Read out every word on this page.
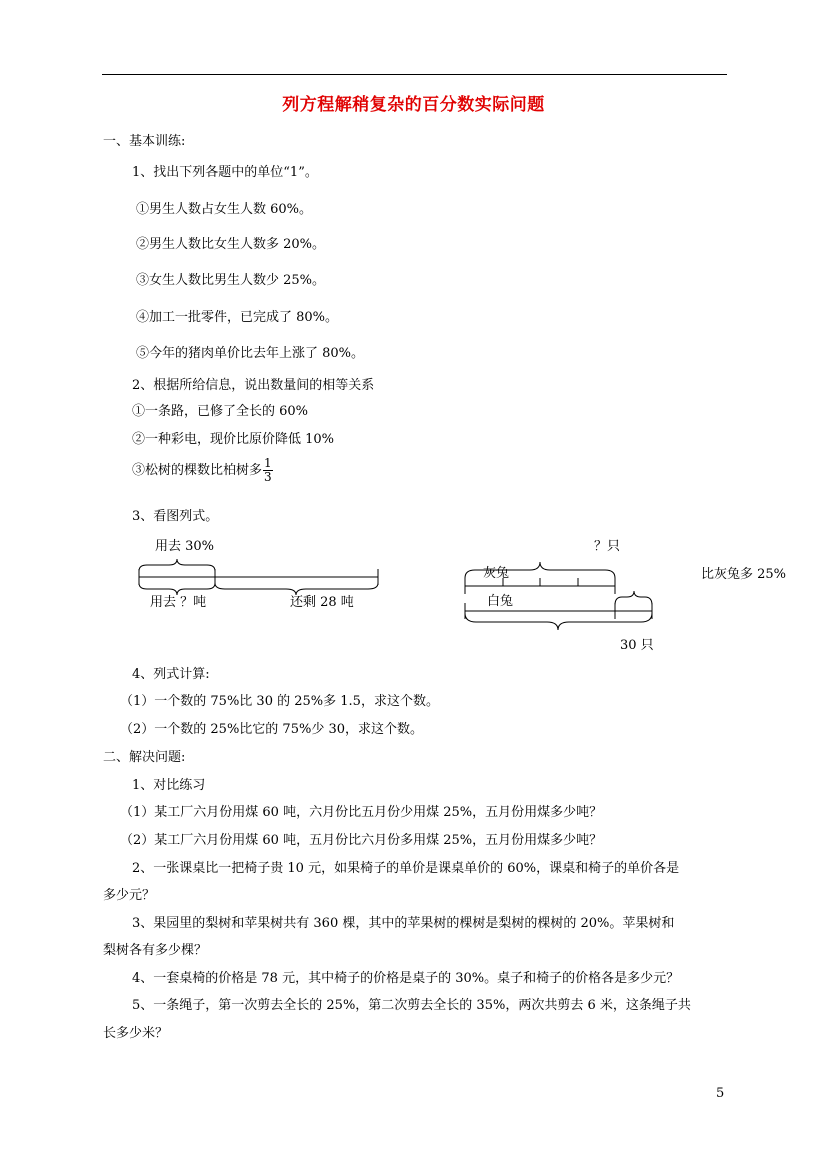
列方程解稍复杂的百分数实际问题
一、基本训练:
1、找出下列各题中的单位“1”。
①男生人数占女生人数 60%。
②男生人数比女生人数多 20%。
③女生人数比男生人数少 25%。
④加工一批零件，已完成了 80%。
⑤今年的猪肉单价比去年上涨了 80%。
2、根据所给信息，说出数量间的相等关系
①一条路，已修了全长的 60%
②一种彩电，现价比原价降低 10%
③松树的棵数比柏树多 $\frac{1}{3}$
3、看图列式。
用去 30%
用去 ？吨	还剩 28 吨
？只
灰兔
白兔
比灰兔多 25%
30 只
4、列式计算:
（1）一个数的 75%比 30 的 25%多 1.5，求这个数。
（2）一个数的 25%比它的 75%少 30，求这个数。
二、解决问题:
1、对比练习
（1）某工厂六月份用煤 60 吨，六月份比五月份少用煤 25%，五月份用煤多少吨？
（2）某工厂六月份用煤 60 吨，五月份比六月份多用煤 25%，五月份用煤多少吨？
2、一张课桌比一把椅子贵 10 元，如果椅子的单价是课桌单价的 60%，课桌和椅子的单价各是
多少元？
3、果园里的梨树和苹果树共有 360 棵，其中的苹果树的棵树是梨树的棵树的 20%。苹果树和
梨树各有多少棵？
4、一套桌椅的价格是 78 元，其中椅子的价格是桌子的 30%。桌子和椅子的价格各是多少元？
5、一条绳子，第一次剪去全长的 25%，第二次剪去全长的 35%，两次共剪去 6 米，这条绳子共
长多少米？
5
